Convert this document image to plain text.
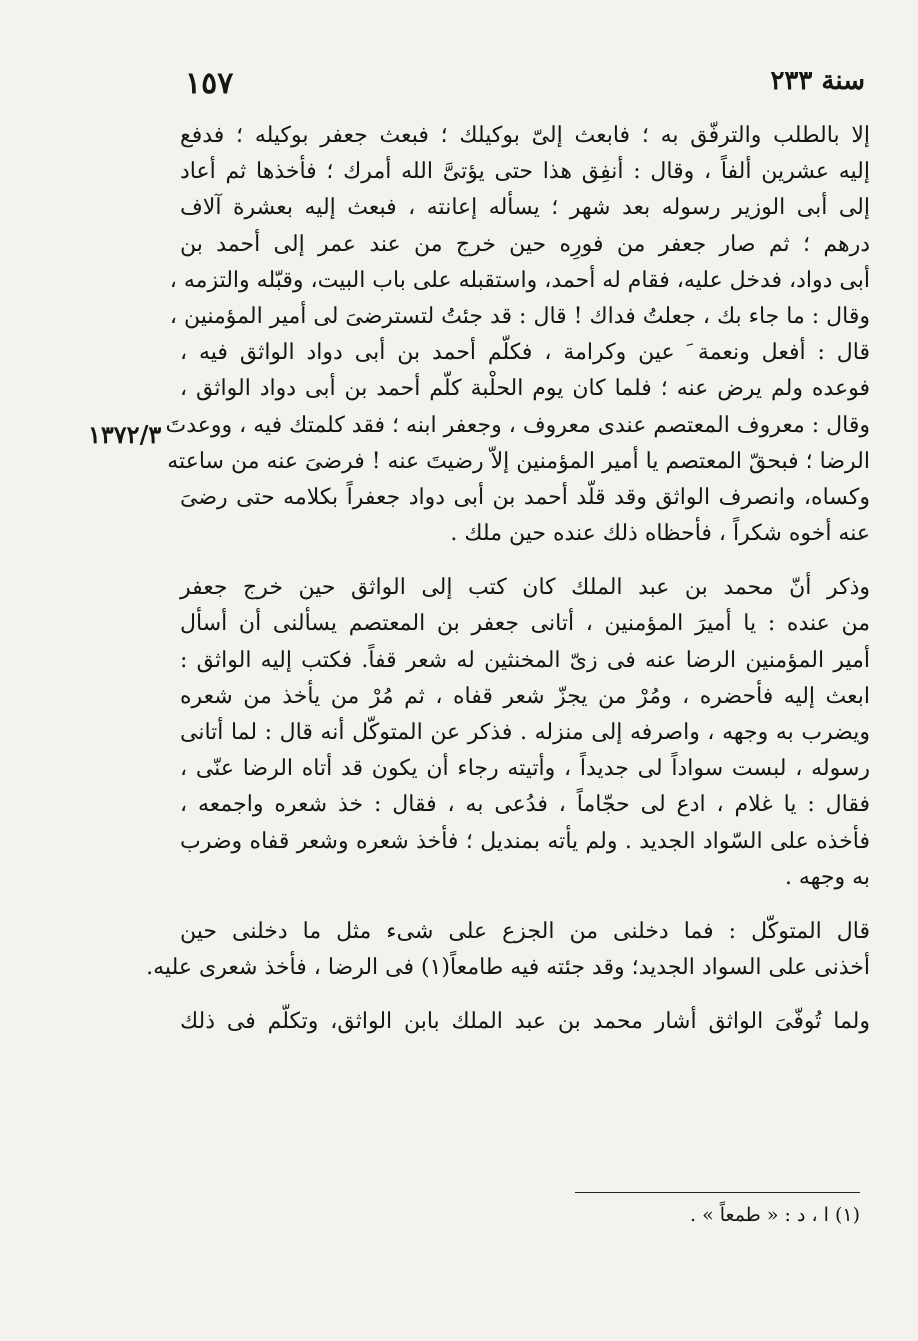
سنة ٢٣٣
١٥٧
١٣٧٢/٣
إلا بالطلب والترفّق به ؛ فابعث إلىّ بوكيلك ؛ فبعث جعفر بوكيله ؛ فدفع
إليه عشرين ألفاً ، وقال : أنفِق هذا حتى يؤتىَّ الله أمرك ؛ فأخذها ثم أعاد
إلى أبى الوزير رسوله بعد شهر ؛ يسأله إعانته ، فبعث إليه بعشرة آلاف
درهم ؛ ثم صار جعفر من فورِه حين خرج من عند عمر إلى أحمد بن
أبى دواد، فدخل عليه، فقام له أحمد، واستقبله على باب البيت، وقبّله والتزمه ،
وقال : ما جاء بك ، جعلتُ فداك ! قال : قد جئتُ لتسترضىَ لى أمير المؤمنين ،
قال : أفعل ونعمة َ عين وكرامة ، فكلّم أحمد بن أبى دواد الواثق فيه ،
فوعده ولم يرض عنه ؛ فلما كان يوم الحلْبة كلّم أحمد بن أبى دواد الواثق ،
وقال : معروف المعتصم عندى معروف ، وجعفر ابنه ؛ فقد كلمتك فيه ، ووعدتَ
الرضا ؛ فبحقّ المعتصم يا أمير المؤمنين إلاّ رضيتَ عنه ! فرضىَ عنه من ساعته
وكساه، وانصرف الواثق وقد قلّد أحمد بن أبى دواد جعفراً بكلامه حتى رضىَ
عنه أخوه شكراً ، فأحظاه ذلك عنده حين ملك .
وذكر أنّ محمد بن عبد الملك كان كتب إلى الواثق حين خرج جعفر
من عنده : يا أميرَ المؤمنين ، أتانى جعفر بن المعتصم يسألنى أن أسأل
أمير المؤمنين الرضا عنه فى زىّ المخنثين له شعر قفاً. فكتب إليه الواثق :
ابعث إليه فأحضره ، ومُرْ من يجزّ شعر قفاه ، ثم مُرْ من يأخذ من شعره
ويضرب به وجهه ، واصرفه إلى منزله . فذكر عن المتوكّل أنه قال : لما أتانى
رسوله ، لبست سواداً لى جديداً ، وأتيته رجاء أن يكون قد أتاه الرضا عنّى ،
فقال : يا غلام ، ادع لى حجّاماً ، فدُعى به ، فقال : خذ شعره واجمعه ،
فأخذه على السّواد الجديد . ولم يأته بمنديل ؛ فأخذ شعره وشعر قفاه وضرب
به وجهه .
قال المتوكّل : فما دخلنى من الجزع على شىء مثل ما دخلنى حين
أخذنى على السواد الجديد؛ وقد جئته فيه طامعاً(١) فى الرضا ، فأخذ شعرى عليه.
ولما تُوفّىَ الواثق أشار محمد بن عبد الملك بابن الواثق، وتكلّم فى ذلك
(١) ا ، د : « طمعاً » .
